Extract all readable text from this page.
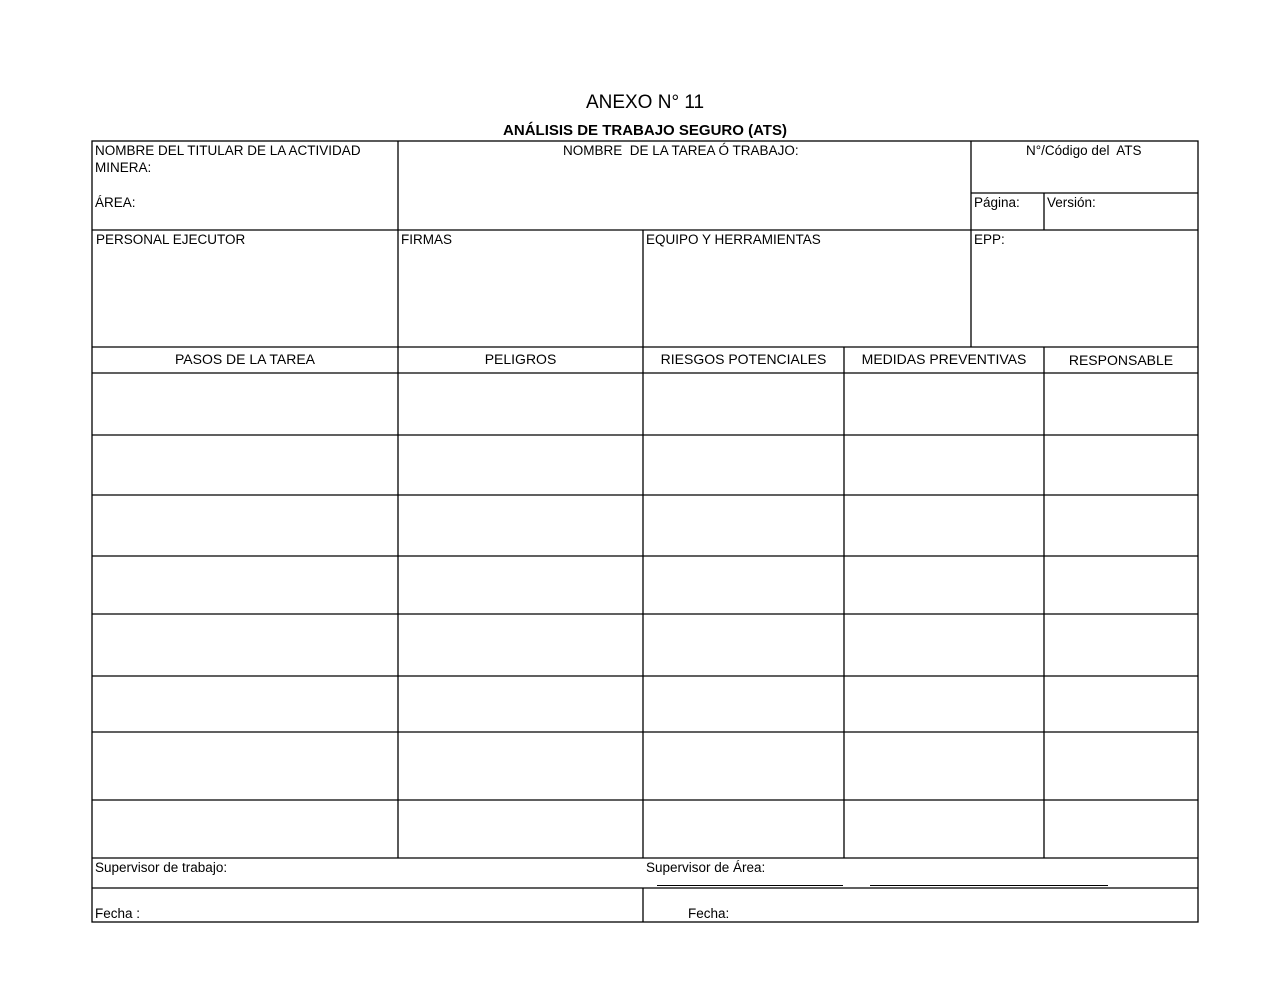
ANEXO N° 11
ANÁLISIS DE TRABAJO SEGURO (ATS)
NOMBRE DEL TITULAR DE LA ACTIVIDAD
MINERA:
ÁREA:
NOMBRE  DE LA TAREA Ó TRABAJO:	N°/Código del  ATS
Página: Versión:
PERSONAL EJECUTOR	FIRMAS	EQUIPO Y HERRAMIENTAS	EPP:
PASOS DE LA TAREA	PELIGROS	RIESGOS POTENCIALES	MEDIDAS PREVENTIVAS	RESPONSABLE
Supervisor de trabajo:	Supervisor de Área:
Fecha :	Fecha:
